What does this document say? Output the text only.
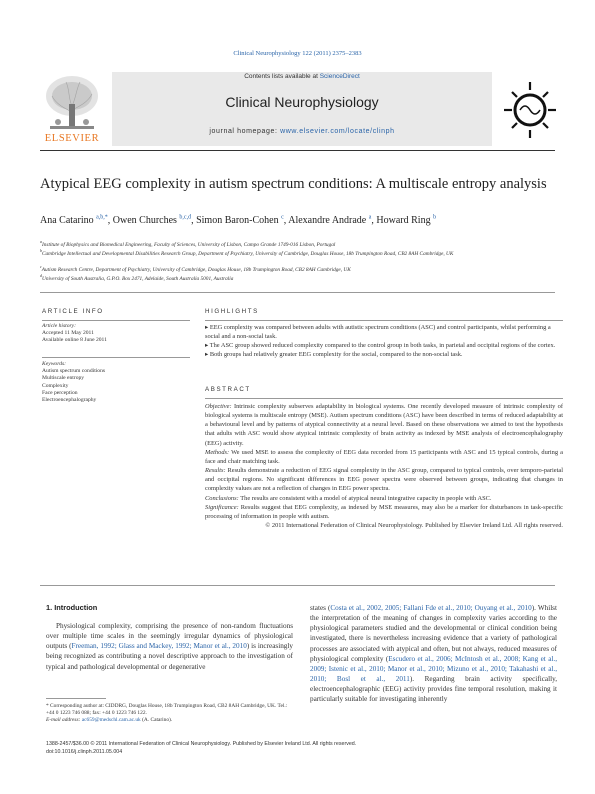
Clinical Neurophysiology 122 (2011) 2375–2383
ELSEVIER
Contents lists available at ScienceDirect
Clinical Neurophysiology
journal homepage: www.elsevier.com/locate/clinph
Atypical EEG complexity in autism spectrum conditions: A multiscale entropy analysis
Ana Catarino $^{a,b,*}$, Owen Churches $^{b,c,d}$, Simon Baron-Cohen $^c$, Alexandre Andrade $^a$, Howard Ring $^b$
$^a$Institute of Biophysics and Biomedical Engineering, Faculty of Sciences, University of Lisbon, Campo Grande 1749-016 Lisbon, Portugal
$^b$Cambridge Intellectual and Developmental Disabilities Research Group, Department of Psychiatry, University of Cambridge, Douglas House, 18b Trumpington Road, CB2 8AH Cambridge, UK
$^c$Autism Research Centre, Department of Psychiatry, University of Cambridge, Douglas House, 18b Trumpington Road, CB2 8AH Cambridge, UK
$^d$University of South Australia, G.P.O. Box 2471, Adelaide, South Australia 5001, Australia
ARTICLE INFO
Article history:
Accepted 11 May 2011
Available online 8 June 2011
Keywords:
Autism spectrum conditions
Multiscale entropy
Complexity
Face perception
Electroencephalography
HIGHLIGHTS
▸ EEG complexity was compared between adults with autistic spectrum conditions (ASC) and control participants, whilst performing a social and a non-social task.
▸ The ASC group showed reduced complexity compared to the control group in both tasks, in parietal and occipital regions of the cortex.
▸ Both groups had relatively greater EEG complexity for the social, compared to the non-social task.
ABSTRACT

Objective: Intrinsic complexity subserves adaptability in biological systems. One recently developed measure of intrinsic complexity of biological systems is multiscale entropy (MSE). Autism spectrum conditions (ASC) have been described in terms of reduced adaptability at a behavioural level and by patterns of atypical connectivity at a neural level. Based on these observations we aimed to test the hypothesis that adults with ASC would show atypical intrinsic complexity of brain activity as indexed by MSE analysis of electroencephalography (EEG) activity.

Methods: We used MSE to assess the complexity of EEG data recorded from 15 participants with ASC and 15 typical controls, during a face and chair matching task.

Results: Results demonstrate a reduction of EEG signal complexity in the ASC group, compared to typical controls, over temporo-parietal and occipital regions. No significant differences in EEG power spectra were observed between groups, indicating that changes in complexity values are not a reflection of changes in EEG power spectra.

Conclusions: The results are consistent with a model of atypical neural integrative capacity in people with ASC.

Significance: Results suggest that EEG complexity, as indexed by MSE measures, may also be a marker for disturbances in task-specific processing of information in people with autism.

© 2011 International Federation of Clinical Neurophysiology. Published by Elsevier Ireland Ltd. All rights reserved.

1. Introduction

Physiological complexity, comprising the presence of non-random fluctuations over multiple time scales in the seemingly irregular dynamics of physiological outputs (Freeman, 1992; Glass and Mackey, 1992; Manor et al., 2010) is increasingly being recognized as contributing a novel descriptive approach to the investigation of typical and pathological developmental or degenerative

states (Costa et al., 2002, 2005; Fallani Fde et al., 2010; Ouyang et al., 2010). Whilst the interpretation of the meaning of changes in complexity varies according to the physiological parameters studied and the developmental or clinical condition being investigated, there is nevertheless increasing evidence that a variety of pathological processes are associated with atypical and often, but not always, reduced measures of physiological complexity (Escudero et al., 2006; McIntosh et al., 2008; Kang et al., 2009; Istenic et al., 2010; Manor et al., 2010; Mizuno et al., 2010; Takahashi et al., 2010; Bosl et al., 2011). Regarding brain activity specifically, electroencephalographic (EEG) activity provides fine temporal resolution, making it particularly suitable for investigating inherently

* Corresponding author at: CIDDRG, Douglas House, 18b Trumpington Road, CB2 8AH Cambridge, UK. Tel.: +44 0 1223 746 088; fax: +44 0 1223 746 122.
E-mail address: ac659@medschl.cam.ac.uk (A. Catarino).
1388-2457/$36.00 © 2011 International Federation of Clinical Neurophysiology. Published by Elsevier Ireland Ltd. All rights reserved.
doi:10.1016/j.clinph.2011.05.004
